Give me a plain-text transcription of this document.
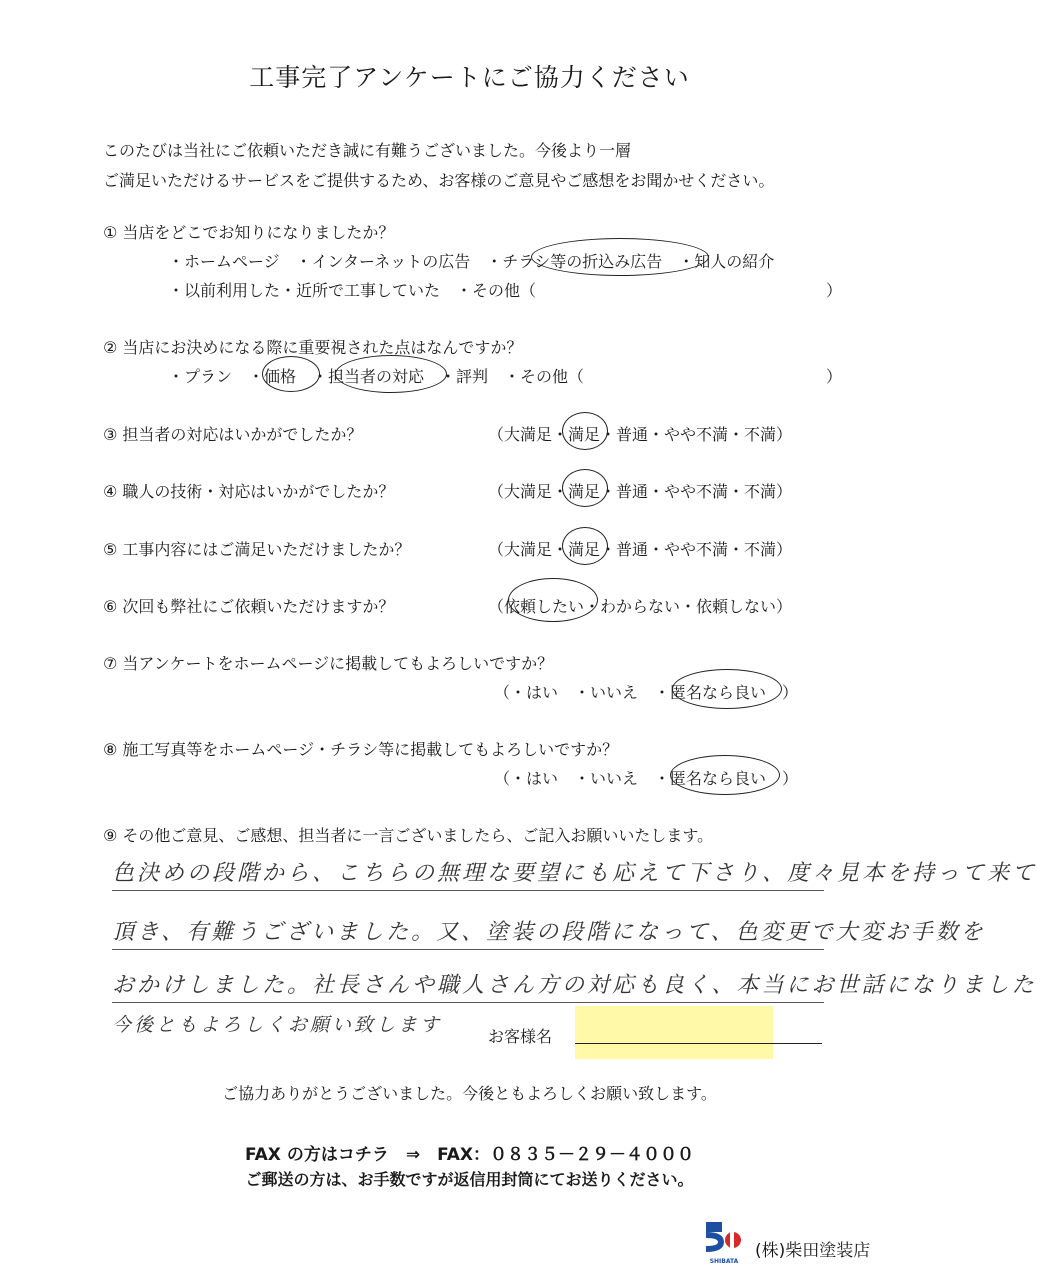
工事完了アンケートにご協力ください
このたびは当社にご依頼いただき誠に有難うございました。今後より一層
ご満足いただけるサービスをご提供するため、お客様のご意見やご感想をお聞かせください。
① 当店をどこでお知りになりましたか？
・ホームページ　・インターネットの広告　・チラシ等の折込み広告　・知人の紹介
・以前利用した・近所で工事していた　・その他（	）
② 当店にお決めになる際に重要視された点はなんですか？
・プラン　・価格　・担当者の対応　・評判　・その他（	）
③ 担当者の対応はいかがでしたか？	（大満足・満足・普通・やや不満・不満）
④ 職人の技術・対応はいかがでしたか？	（大満足・満足・普通・やや不満・不満）
⑤ 工事内容にはご満足いただけましたか？	（大満足・満足・普通・やや不満・不満）
⑥ 次回も弊社にご依頼いただけますか？	（依頼したい・わからない・依頼しない）
⑦ 当アンケートをホームページに掲載してもよろしいですか？
（・はい　・いいえ　・匿名なら良い　）
⑧ 施工写真等をホームページ・チラシ等に掲載してもよろしいですか？
（・はい　・いいえ　・匿名なら良い　）
⑨ その他ご意見、ご感想、担当者に一言ございましたら、ご記入お願いいたします。
色決めの段階から、こちらの無理な要望にも応えて下さり、度々見本を持って来て
頂き、有難うございました。又、塗装の段階になって、色変更で大変お手数を
おかけしました。社長さんや職人さん方の対応も良く、本当にお世話になりました
今後ともよろしくお願い致します
お客様名
ご協力ありがとうございました。今後ともよろしくお願い致します。
FAX の方はコチラ　⇒　FAX：０８３５－２９－４０００
ご郵送の方は、お手数ですが返信用封筒にてお送りください。
SHIBATA
(株)柴田塗装店
